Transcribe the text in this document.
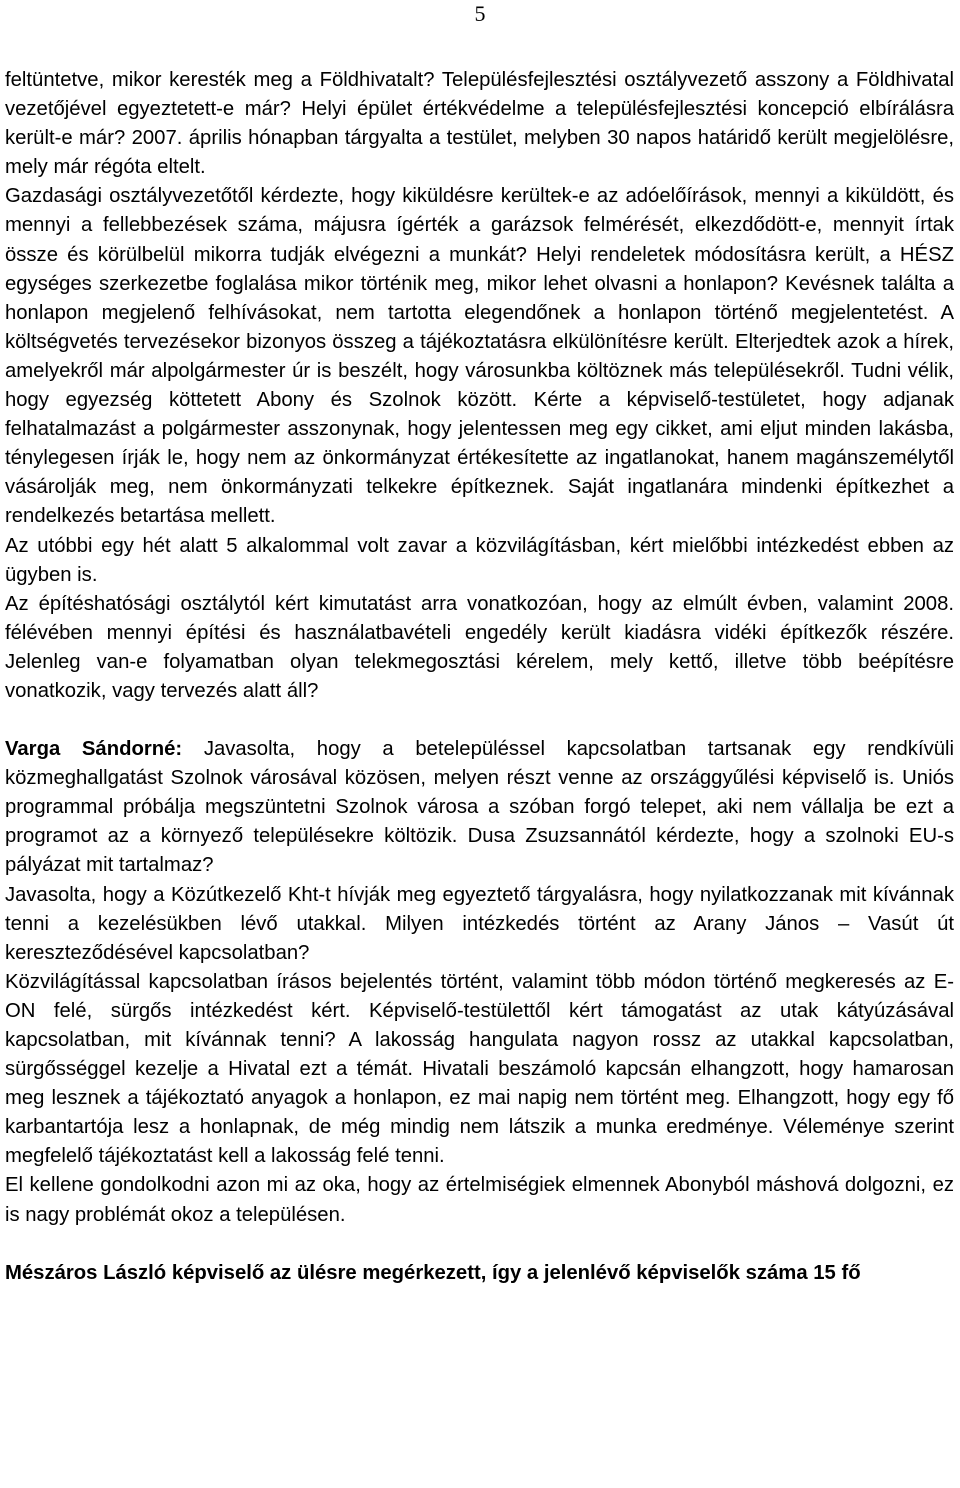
5

feltüntetve, mikor keresték meg a Földhivatalt? Településfejlesztési osztályvezető asszony a Földhivatal vezetőjével egyeztetett-e már? Helyi épület értékvédelme a településfejlesztési koncepció elbírálásra került-e már? 2007. április hónapban tárgyalta a testület, melyben 30 napos határidő került megjelölésre, mely már régóta eltelt.

Gazdasági osztályvezetőtől kérdezte, hogy kiküldésre kerültek-e az adóelőírások, mennyi a kiküldött, és mennyi a fellebbezések száma, májusra ígérték a garázsok felmérését, elkezdődött-e, mennyit írtak össze és körülbelül mikorra tudják elvégezni a munkát? Helyi rendeletek módosításra került, a HÉSZ egységes szerkezetbe foglalása mikor történik meg, mikor lehet olvasni a honlapon? Kevésnek találta a honlapon megjelenő felhívásokat, nem tartotta elegendőnek a honlapon történő megjelentetést. A költségvetés tervezésekor bizonyos összeg a tájékoztatásra elkülönítésre került. Elterjedtek azok a hírek, amelyekről már alpolgármester úr is beszélt, hogy városunkba költöznek más településekről. Tudni vélik, hogy egyezség köttetett Abony és Szolnok között. Kérte a képviselő-testületet, hogy adjanak felhatalmazást a polgármester asszonynak, hogy jelentessen meg egy cikket, ami eljut minden lakásba, ténylegesen írják le, hogy nem az önkormányzat értékesítette az ingatlanokat, hanem magánszemélytől vásárolják meg, nem önkormányzati telkekre építkeznek. Saját ingatlanára mindenki építkezhet a rendelkezés betartása mellett.

Az utóbbi egy hét alatt 5 alkalommal volt zavar a közvilágításban, kért mielőbbi intézkedést ebben az ügyben is.

Az építéshatósági osztálytól kért kimutatást arra vonatkozóan, hogy az elmúlt évben, valamint 2008. félévében mennyi építési és használatbavételi engedély került kiadásra vidéki építkezők részére. Jelenleg van-e folyamatban olyan telekmegosztási kérelem, mely kettő, illetve több beépítésre vonatkozik, vagy tervezés alatt áll?

Varga Sándorné: Javasolta, hogy a betelepüléssel kapcsolatban tartsanak egy rendkívüli közmeghallgatást Szolnok városával közösen, melyen részt venne az országgyűlési képviselő is. Uniós programmal próbálja megszüntetni Szolnok városa a szóban forgó telepet, aki nem vállalja be ezt a programot az a környező településekre költözik. Dusa Zsuzsannától kérdezte, hogy a szolnoki EU-s pályázat mit tartalmaz?

Javasolta, hogy a Közútkezelő Kht-t hívják meg egyeztető tárgyalásra, hogy nyilatkozzanak mit kívánnak tenni a kezelésükben lévő utakkal. Milyen intézkedés történt az Arany János – Vasút út kereszteződésével kapcsolatban?

Közvilágítással kapcsolatban írásos bejelentés történt, valamint több módon történő megkeresés az E-ON felé, sürgős intézkedést kért. Képviselő-testülettől kért támogatást az utak kátyúzásával kapcsolatban, mit kívánnak tenni? A lakosság hangulata nagyon rossz az utakkal kapcsolatban, sürgősséggel kezelje a Hivatal ezt a témát. Hivatali beszámoló kapcsán elhangzott, hogy hamarosan meg lesznek a tájékoztató anyagok a honlapon, ez mai napig nem történt meg. Elhangzott, hogy egy fő karbantartója lesz a honlapnak, de még mindig nem látszik a munka eredménye. Véleménye szerint megfelelő tájékoztatást kell a lakosság felé tenni.

El kellene gondolkodni azon mi az oka, hogy az értelmiségiek elmennek Abonyból máshová dolgozni, ez is nagy problémát okoz a településen.

Mészáros László képviselő az ülésre megérkezett, így a jelenlévő képviselők száma 15 fő
